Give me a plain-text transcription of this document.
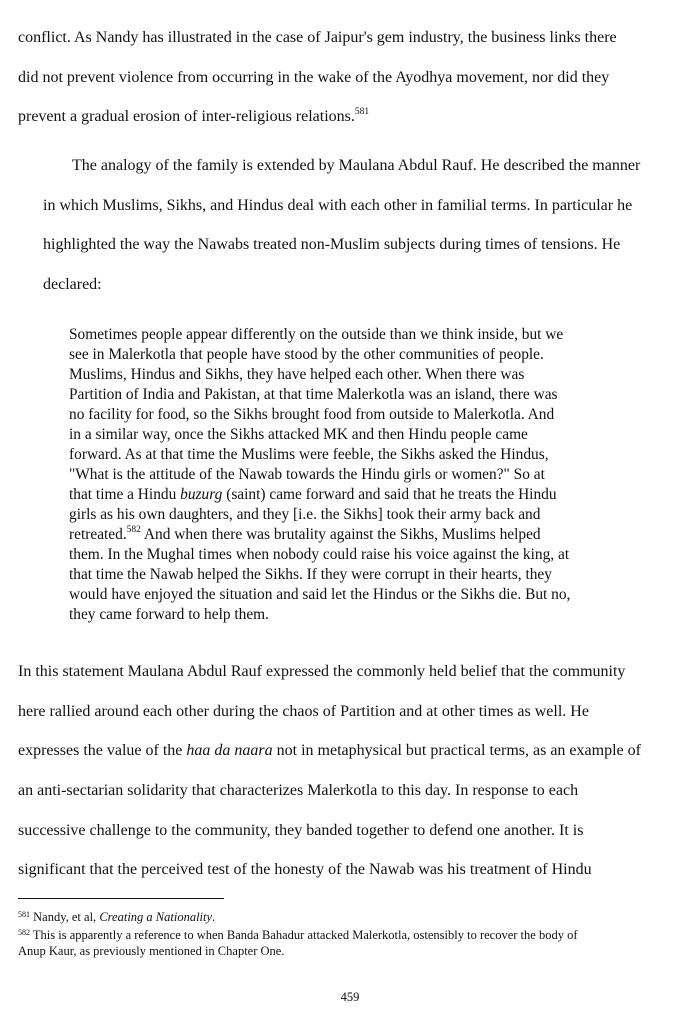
conflict. As Nandy has illustrated in the case of Jaipur's gem industry, the business links there
did not prevent violence from occurring in the wake of the Ayodhya movement, nor did they
prevent a gradual erosion of inter-religious relations.$^{581}$
The analogy of the family is extended by Maulana Abdul Rauf. He described the manner
in which Muslims, Sikhs, and Hindus deal with each other in familial terms. In particular he
highlighted the way the Nawabs treated non-Muslim subjects during times of tensions. He
declared:
Sometimes people appear differently on the outside than we think inside, but we
see in Malerkotla that people have stood by the other communities of people.
Muslims, Hindus and Sikhs, they have helped each other. When there was
Partition of India and Pakistan, at that time Malerkotla was an island, there was
no facility for food, so the Sikhs brought food from outside to Malerkotla. And
in a similar way, once the Sikhs attacked MK and then Hindu people came
forward. As at that time the Muslims were feeble, the Sikhs asked the Hindus,
"What is the attitude of the Nawab towards the Hindu girls or women?" So at
that time a Hindu buzurg (saint) came forward and said that he treats the Hindu
girls as his own daughters, and they [i.e. the Sikhs] took their army back and
retreated.$^{582}$ And when there was brutality against the Sikhs, Muslims helped
them. In the Mughal times when nobody could raise his voice against the king, at
that time the Nawab helped the Sikhs. If they were corrupt in their hearts, they
would have enjoyed the situation and said let the Hindus or the Sikhs die. But no,
they came forward to help them.
In this statement Maulana Abdul Rauf expressed the commonly held belief that the community
here rallied around each other during the chaos of Partition and at other times as well. He
expresses the value of the haa da naara not in metaphysical but practical terms, as an example of
an anti-sectarian solidarity that characterizes Malerkotla to this day. In response to each
successive challenge to the community, they banded together to defend one another. It is
significant that the perceived test of the honesty of the Nawab was his treatment of Hindu
$^{581}$ Nandy, et al, Creating a Nationality.
$^{582}$ This is apparently a reference to when Banda Bahadur attacked Malerkotla, ostensibly to recover the body of
Anup Kaur, as previously mentioned in Chapter One.
459
